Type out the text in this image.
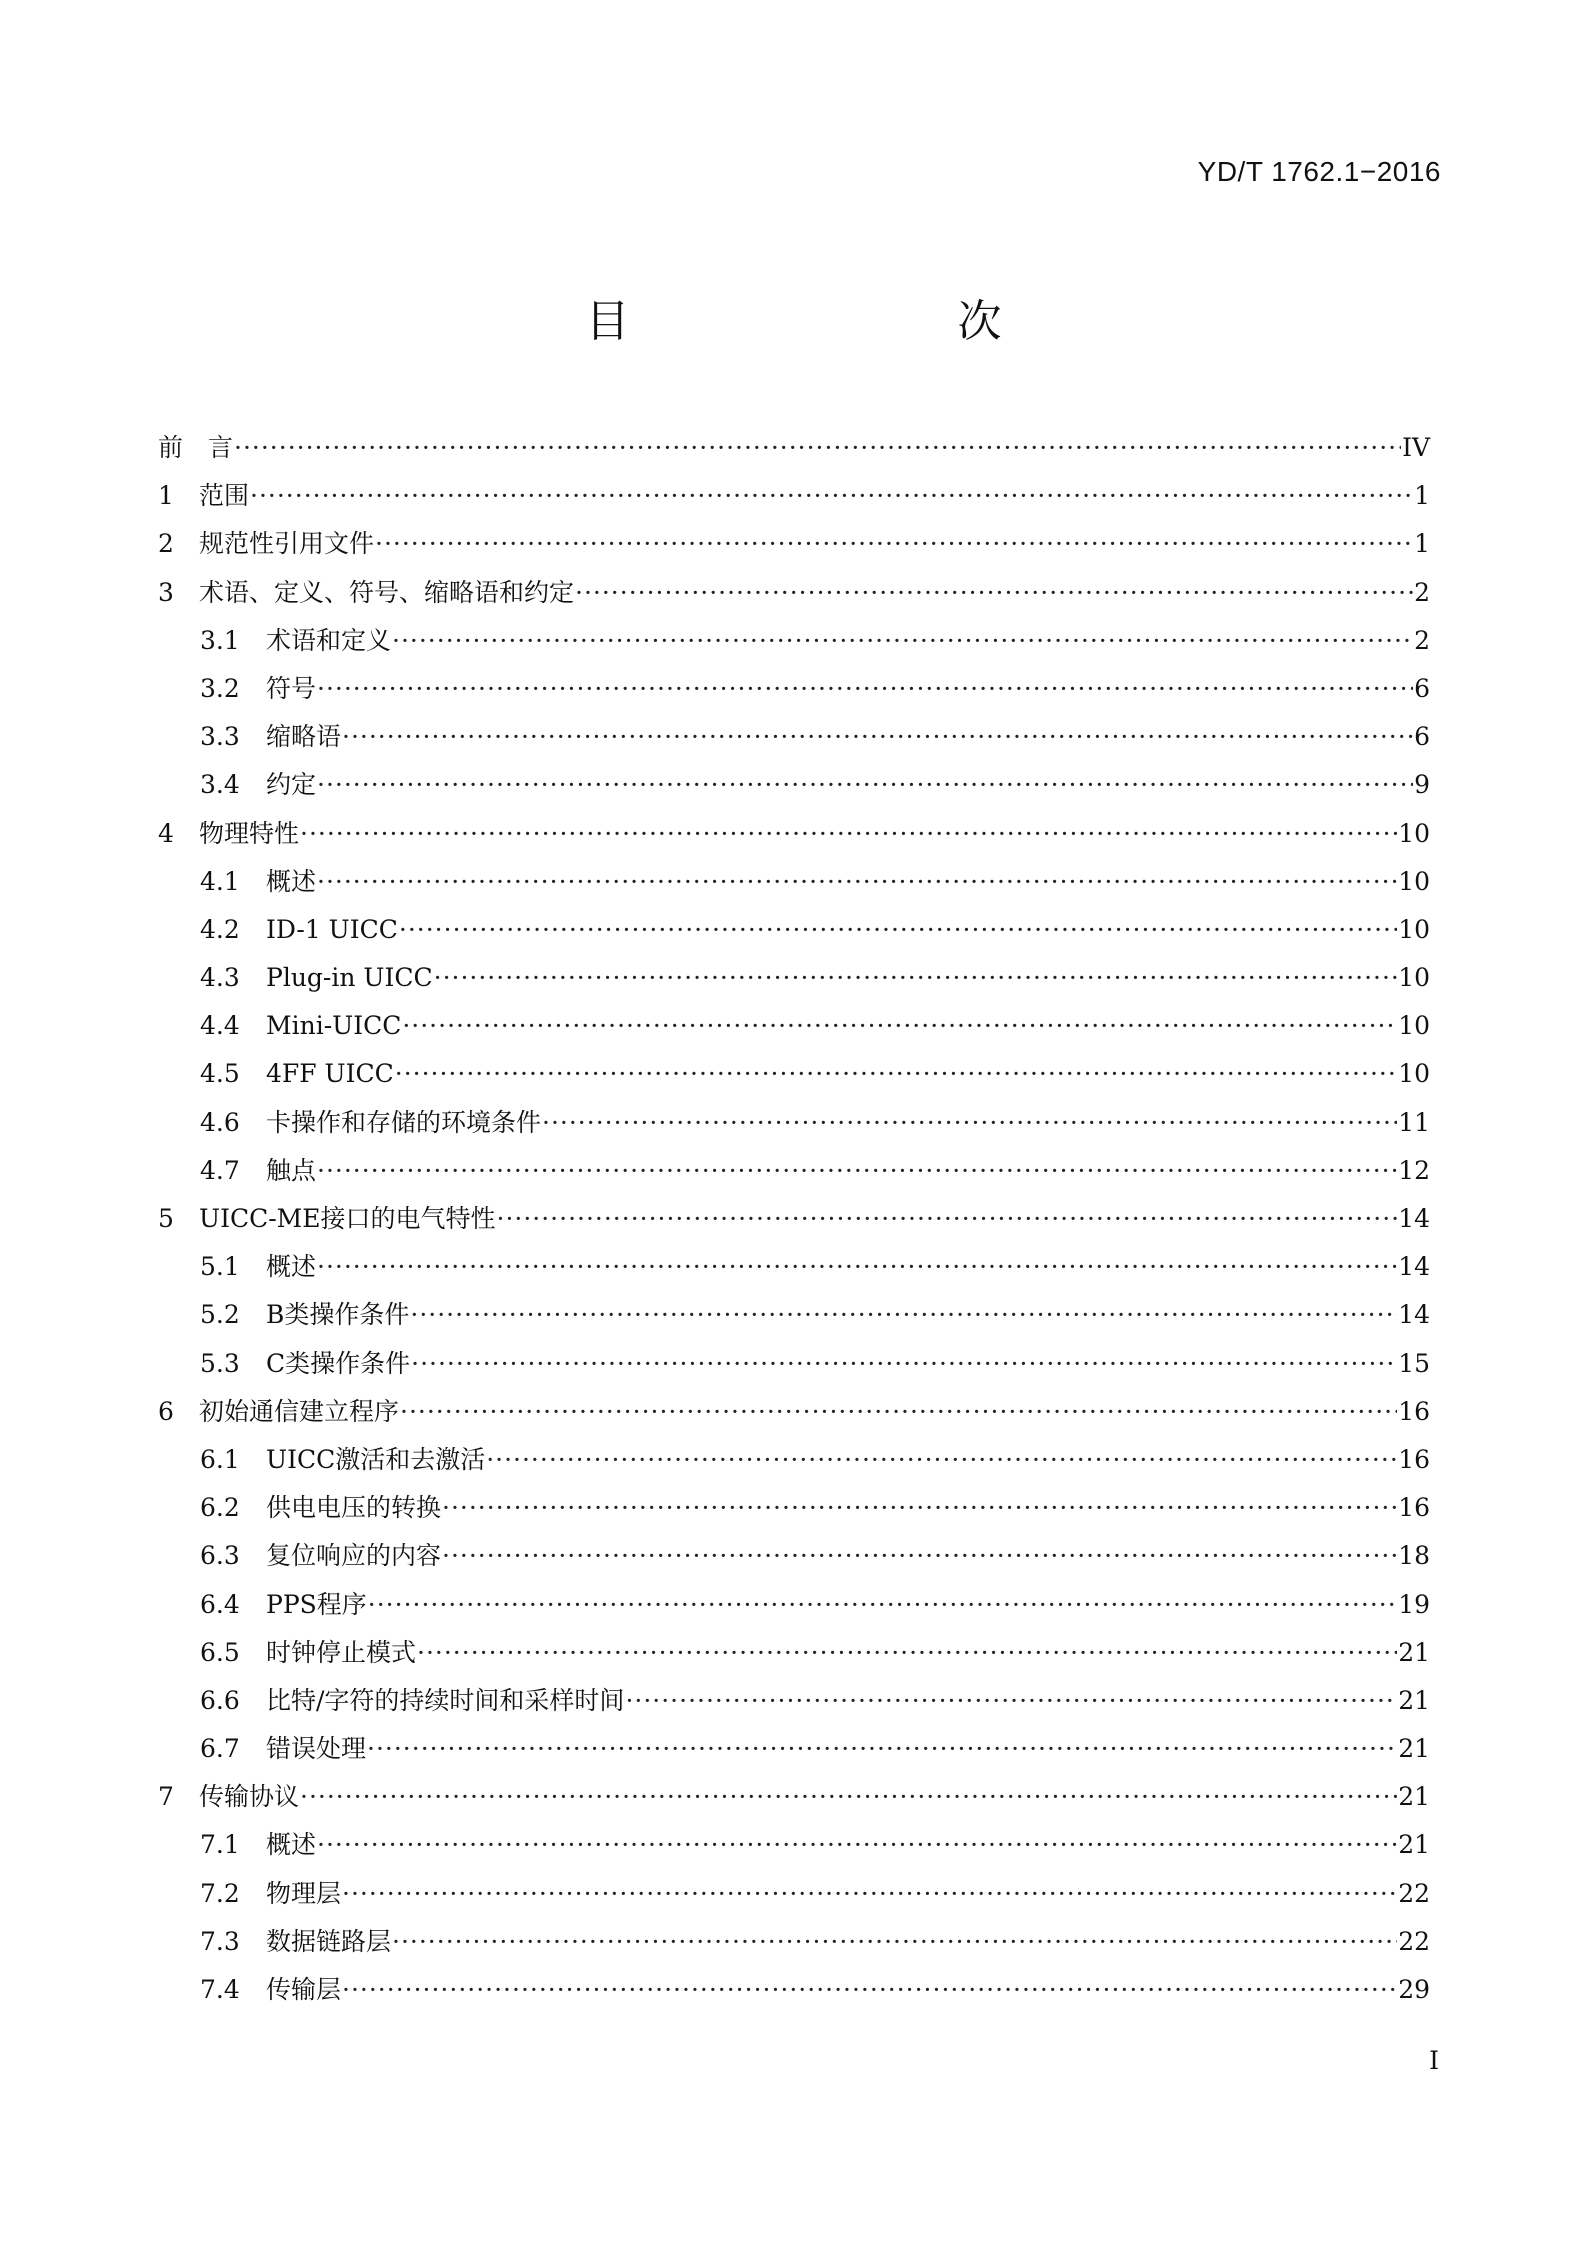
YD/T 1762.1−2016
目　　次
前　言 ·····	IV
1	范围 ·····	1
2	规范性引用文件 ·····	1
3	术语、定义、符号、缩略语和约定 ·····	2
3.1	术语和定义 ·····	2
3.2	符号 ·····	6
3.3	缩略语 ·····	6
3.4	约定 ·····	9
4	物理特性 ·····	10
4.1	概述 ·····	10
4.2	ID-1 UICC ·····	10
4.3	Plug-in UICC ·····	10
4.4	Mini-UICC ·····	10
4.5	4FF UICC ·····	10
4.6	卡操作和存储的环境条件 ·····	11
4.7	触点 ·····	12
5	UICC-ME接口的电气特性 ·····	14
5.1	概述 ·····	14
5.2	B类操作条件 ·····	14
5.3	C类操作条件 ·····	15
6	初始通信建立程序 ·····	16
6.1	UICC激活和去激活 ·····	16
6.2	供电电压的转换 ·····	16
6.3	复位响应的内容 ·····	18
6.4	PPS程序 ·····	19
6.5	时钟停止模式 ·····	21
6.6	比特/字符的持续时间和采样时间 ·····	21
6.7	错误处理 ·····	21
7	传输协议 ·····	21
7.1	概述 ·····	21
7.2	物理层 ·····	22
7.3	数据链路层 ·····	22
7.4	传输层 ·····	29
I
